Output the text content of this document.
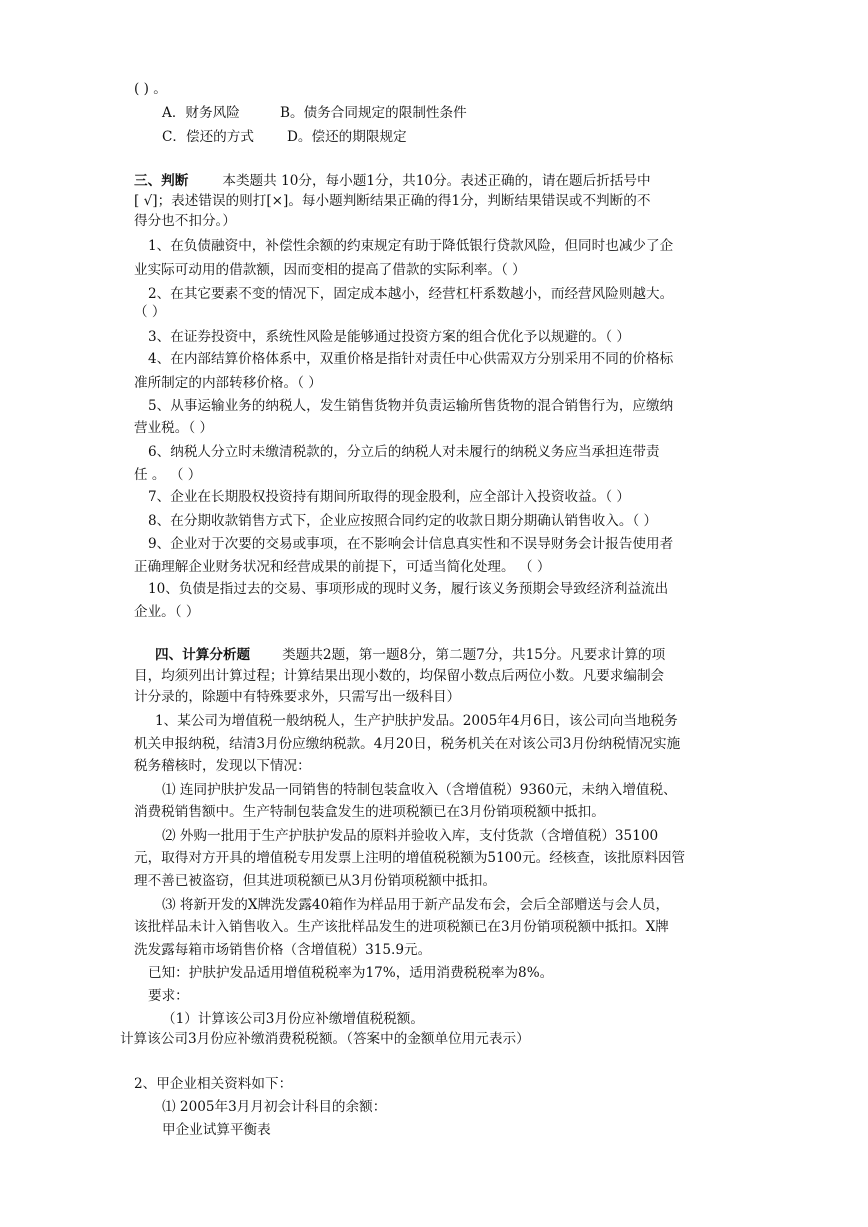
( ) 。
A．财务风险	B。债务合同规定的限制性条件
C．偿还的方式 D。偿还的期限规定
三、判断	本类题共 10分，每小题1分，共10分。表述正确的，请在题后折括号中
[ √]；表述错误的则打[×]。每小题判断结果正确的得1分，判断结果错误或不判断的不
得分也不扣分。）
1、在负债融资中，补偿性余额的约束规定有助于降低银行贷款风险，但同时也减少了企
业实际可动用的借款额，因而变相的提高了借款的实际利率。（ ）
2、在其它要素不变的情况下，固定成本越小，经营杠杆系数越小，而经营风险则越大。
（ ）
3、在证券投资中，系统性风险是能够通过投资方案的组合优化予以规避的。（ ）
4、在内部结算价格体系中，双重价格是指针对责任中心供需双方分别采用不同的价格标
准所制定的内部转移价格。（ ）
5、从事运输业务的纳税人，发生销售货物并负责运输所售货物的混合销售行为，应缴纳
营业税。（ ）
6、纳税人分立时未缴清税款的，分立后的纳税人对未履行的纳税义务应当承担连带责
任 。 （ ）
7、企业在长期股权投资持有期间所取得的现金股利，应全部计入投资收益。（ ）
8、在分期收款销售方式下，企业应按照合同约定的收款日期分期确认销售收入。（ ）
9、企业对于次要的交易或事项，在不影响会计信息真实性和不误导财务会计报告使用者
正确理解企业财务状况和经营成果的前提下，可适当简化处理。 （ ）
10、负债是指过去的交易、事项形成的现时义务，履行该义务预期会导致经济利益流出
企业。（ ）
四、计算分析题 类题共2题，第一题8分，第二题7分，共15分。凡要求计算的项
目，均须列出计算过程；计算结果出现小数的，均保留小数点后两位小数。凡要求编制会
计分录的，除题中有特殊要求外，只需写出一级科目）
1、某公司为增值税一般纳税人，生产护肤护发品。2005年4月6日，该公司向当地税务
机关申报纳税，结清3月份应缴纳税款。4月20日，税务机关在对该公司3月份纳税情况实施
税务稽核时，发现以下情况：
⑴ 连同护肤护发品一同销售的特制包装盒收入（含增值税）9360元，未纳入增值税、
消费税销售额中。生产特制包装盒发生的进项税额已在3月份销项税额中抵扣。
⑵ 外购一批用于生产护肤护发品的原料并验收入库，支付货款（含增值税）35100
元，取得对方开具的增值税专用发票上注明的增值税税额为5100元。经核查，该批原料因管
理不善已被盗窃，但其进项税额已从3月份销项税额中抵扣。
⑶ 将新开发的X牌洗发露40箱作为样品用于新产品发布会，会后全部赠送与会人员，
该批样品未计入销售收入。生产该批样品发生的进项税额已在3月份销项税额中抵扣。X牌
洗发露每箱市场销售价格（含增值税）315.9元。
已知：护肤护发品适用增值税税率为17%，适用消费税税率为8%。
要求：
（1）计算该公司3月份应补缴增值税税额。
计算该公司3月份应补缴消费税税额。（答案中的金额单位用元表示）
2、甲企业相关资料如下：
⑴ 2005年3月月初会计科目的余额：
甲企业试算平衡表
